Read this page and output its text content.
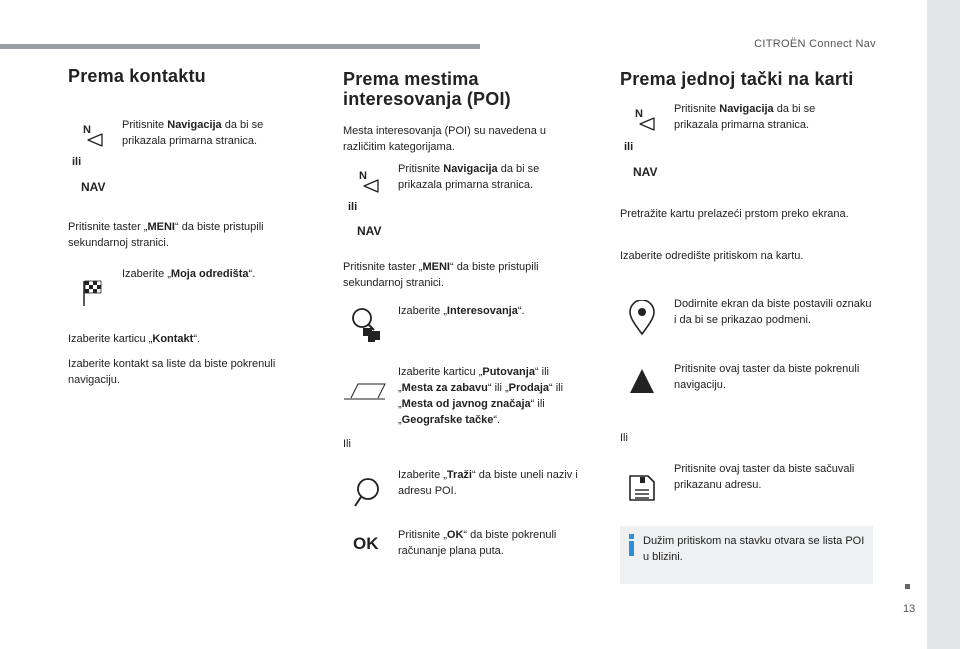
CITROËN Connect Nav
13
Prema kontaktu
N
ili
NAV

Pritisnite Navigacija da bi se prikazala primarna stranica.

Pritisnite taster „MENI“ da biste pristupili sekundarnoj stranici.

Izaberite „Moja odredišta“.

Izaberite karticu „Kontakt“.

Izaberite kontakt sa liste da biste pokrenuli navigaciju.

Prema mestima interesovanja (POI)

Mesta interesovanja (POI) su navedena u različitim kategorijama.

N
ili
NAV

Pritisnite Navigacija da bi se prikazala primarna stranica.

Pritisnite taster „MENI“ da biste pristupili sekundarnoj stranici.

Izaberite „Interesovanja“.

Izaberite karticu „Putovanja“ ili „Mesta za zabavu“ ili „Prodaja“ ili „Mesta od javnog značaja“ ili „Geografske tačke“.

Ili

Izaberite „Traži“ da biste uneli naziv i adresu POI.

OK Pritisnite „OK“ da biste pokrenuli računanje plana puta.

Prema jednoj tački na karti
N
ili
NAV

Pritisnite Navigacija da bi se prikazala primarna stranica.

Pretražite kartu prelazeći prstom preko ekrana.

Izaberite odredište pritiskom na kartu.

Dodirnite ekran da biste postavili oznaku i da bi se prikazao podmeni.

Pritisnite ovaj taster da biste pokrenuli navigaciju.

Ili

Pritisnite ovaj taster da biste sačuvali prikazanu adresu.

Dužim pritiskom na stavku otvara se lista POI u blizini.
